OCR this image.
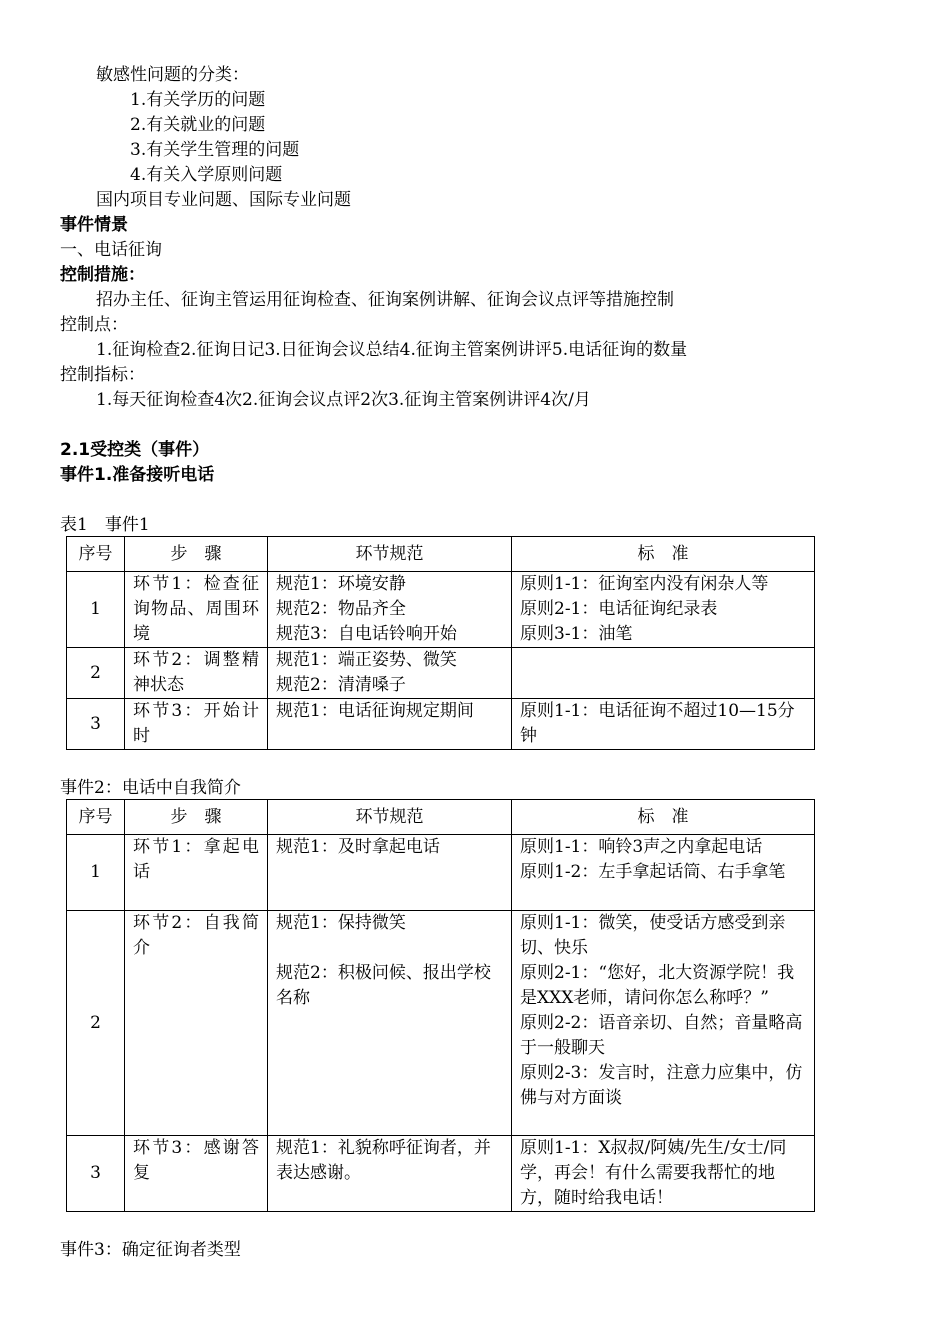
敏感性问题的分类：
1.有关学历的问题
2.有关就业的问题
3.有关学生管理的问题
4.有关入学原则问题
国内项目专业问题、国际专业问题
事件情景
一、电话征询
控制措施：
招办主任、征询主管运用征询检查、征询案例讲解、征询会议点评等措施控制
控制点：
1.征询检查2.征询日记3.日征询会议总结4.征询主管案例讲评5.电话征询的数量
控制指标：
1.每天征询检查4次2.征询会议点评2次3.征询主管案例讲评4次/月
2.1受控类（事件）
事件1.准备接听电话
表1　事件1
序号	步　骤	环节规范	标　准
1	环节1：检查征询物品、周围环境	规范1：环境安静
规范2：物品齐全
规范3：自电话铃响开始	原则1-1：征询室内没有闲杂人等
原则2-1：电话征询纪录表
原则3-1：油笔

2	环节2：调整精神状态	规范1：端正姿势、微笑
规范2：清清嗓子	

3	环节3：开始计时	规范1：电话征询规定期间	原则1-1：电话征询不超过10—15分钟
事件2：电话中自我简介
序号	步　骤	环节规范	标　准
1	环节1：拿起电话	规范1：及时拿起电话	原则1-1：响铃3声之内拿起电话
原则1-2：左手拿起话筒、右手拿笔

2	环节2：自我简介	规范1：保持微笑
规范2：积极问候、报出学校名称	原则1-1：微笑，使受话方感受到亲切、快乐
原则2-1：“您好，北大资源学院！我是XXX老师，请问你怎么称呼？”
原则2-2：语音亲切、自然；音量略高于一般聊天
原则2-3：发言时，注意力应集中，仿佛与对方面谈

3	环节3：感谢答复	规范1：礼貌称呼征询者，并表达感谢。	原则1-1：X叔叔/阿姨/先生/女士/同学，再会！有什么需要我帮忙的地方，随时给我电话！
事件3：确定征询者类型
